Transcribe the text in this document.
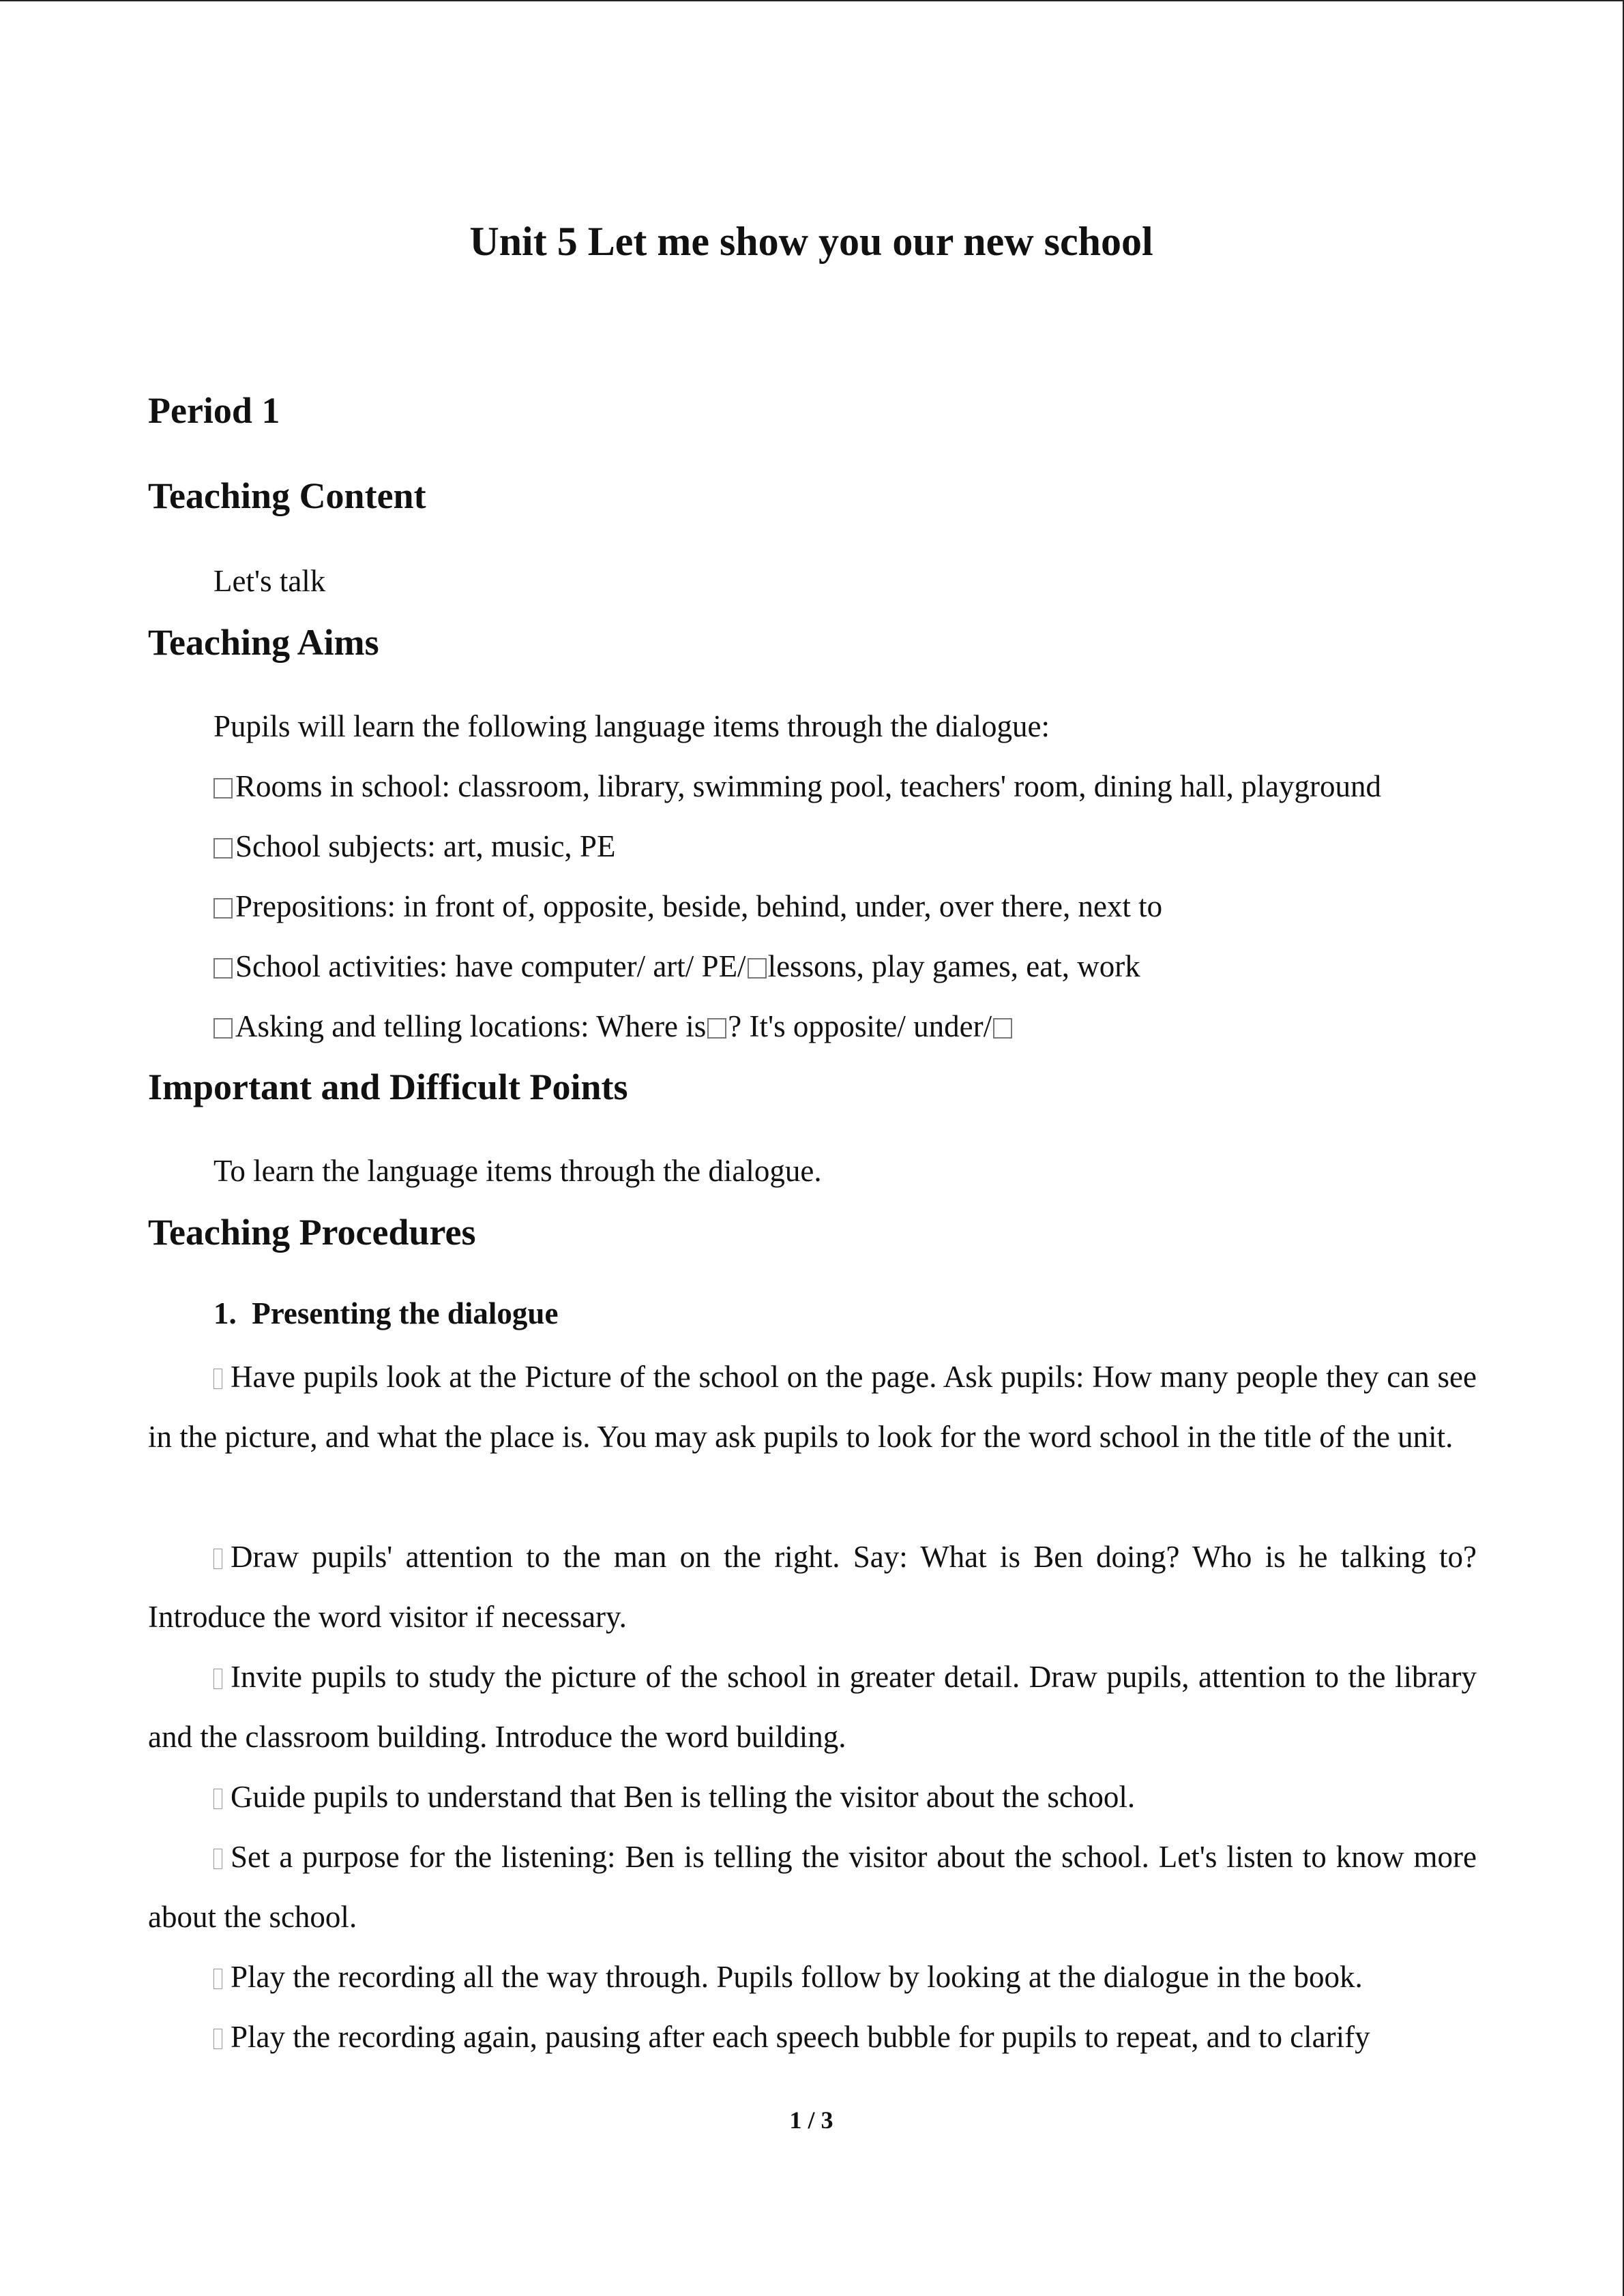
Unit 5 Let me show you our new school
Period 1
Teaching Content
Let's talk
Teaching Aims
Pupils will learn the following language items through the dialogue:
Rooms in school: classroom, library, swimming pool, teachers' room, dining hall, playground
School subjects: art, music, PE
Prepositions: in front of, opposite, beside, behind, under, over there, next to
School activities: have computer/ art/ PE/ lessons, play games, eat, work
Asking and telling locations: Where is ? It's opposite/ under/
Important and Difficult Points
To learn the language items through the dialogue.
Teaching Procedures
1. Presenting the dialogue
Have pupils look at the Picture of the school on the page. Ask pupils: How many people they can see in the picture, and what the place is. You may ask pupils to look for the word school in the title of the unit.
Draw pupils' attention to the man on the right. Say: What is Ben doing? Who is he talking to? Introduce the word visitor if necessary.
Invite pupils to study the picture of the school in greater detail. Draw pupils, attention to the library and the classroom building. Introduce the word building.
Guide pupils to understand that Ben is telling the visitor about the school.
Set a purpose for the listening: Ben is telling the visitor about the school. Let's listen to know more about the school.
Play the recording all the way through. Pupils follow by looking at the dialogue in the book.
Play the recording again, pausing after each speech bubble for pupils to repeat, and to clarify
1 / 3
